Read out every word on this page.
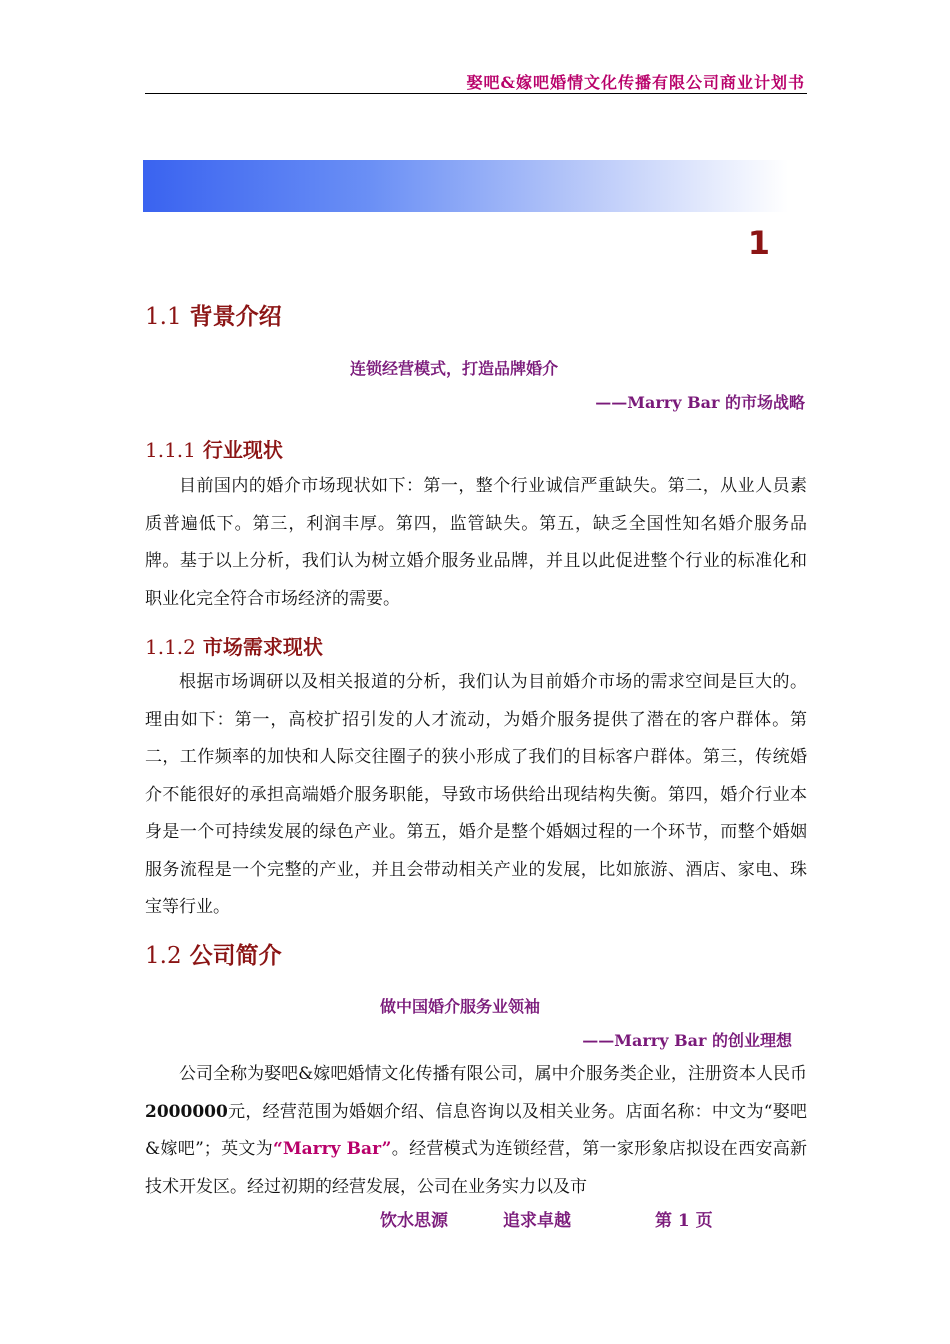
娶吧&嫁吧婚情文化传播有限公司商业计划书
1
1.1 背景介绍
连锁经营模式，打造品牌婚介
——Marry Bar 的市场战略
1.1.1 行业现状
目前国内的婚介市场现状如下：第一，整个行业诚信严重缺失。第二，从业人员素质普遍低下。第三，利润丰厚。第四，监管缺失。第五，缺乏全国性知名婚介服务品牌。基于以上分析，我们认为树立婚介服务业品牌，并且以此促进整个行业的标准化和职业化完全符合市场经济的需要。
1.1.2 市场需求现状
根据市场调研以及相关报道的分析，我们认为目前婚介市场的需求空间是巨大的。理由如下：第一，高校扩招引发的人才流动，为婚介服务提供了潜在的客户群体。第二，工作频率的加快和人际交往圈子的狭小形成了我们的目标客户群体。第三，传统婚介不能很好的承担高端婚介服务职能，导致市场供给出现结构失衡。第四，婚介行业本身是一个可持续发展的绿色产业。第五，婚介是整个婚姻过程的一个环节，而整个婚姻服务流程是一个完整的产业，并且会带动相关产业的发展，比如旅游、酒店、家电、珠宝等行业。
1.2 公司简介
做中国婚介服务业领袖
——Marry Bar 的创业理想
公司全称为娶吧&嫁吧婚情文化传播有限公司，属中介服务类企业，注册资本人民币2000000元，经营范围为婚姻介绍、信息咨询以及相关业务。店面名称：中文为“娶吧&嫁吧”；英文为“Marry Bar”。经营模式为连锁经营，第一家形象店拟设在西安高新技术开发区。经过初期的经营发展，公司在业务实力以及市
饮水思源	追求卓越	第 1 页
